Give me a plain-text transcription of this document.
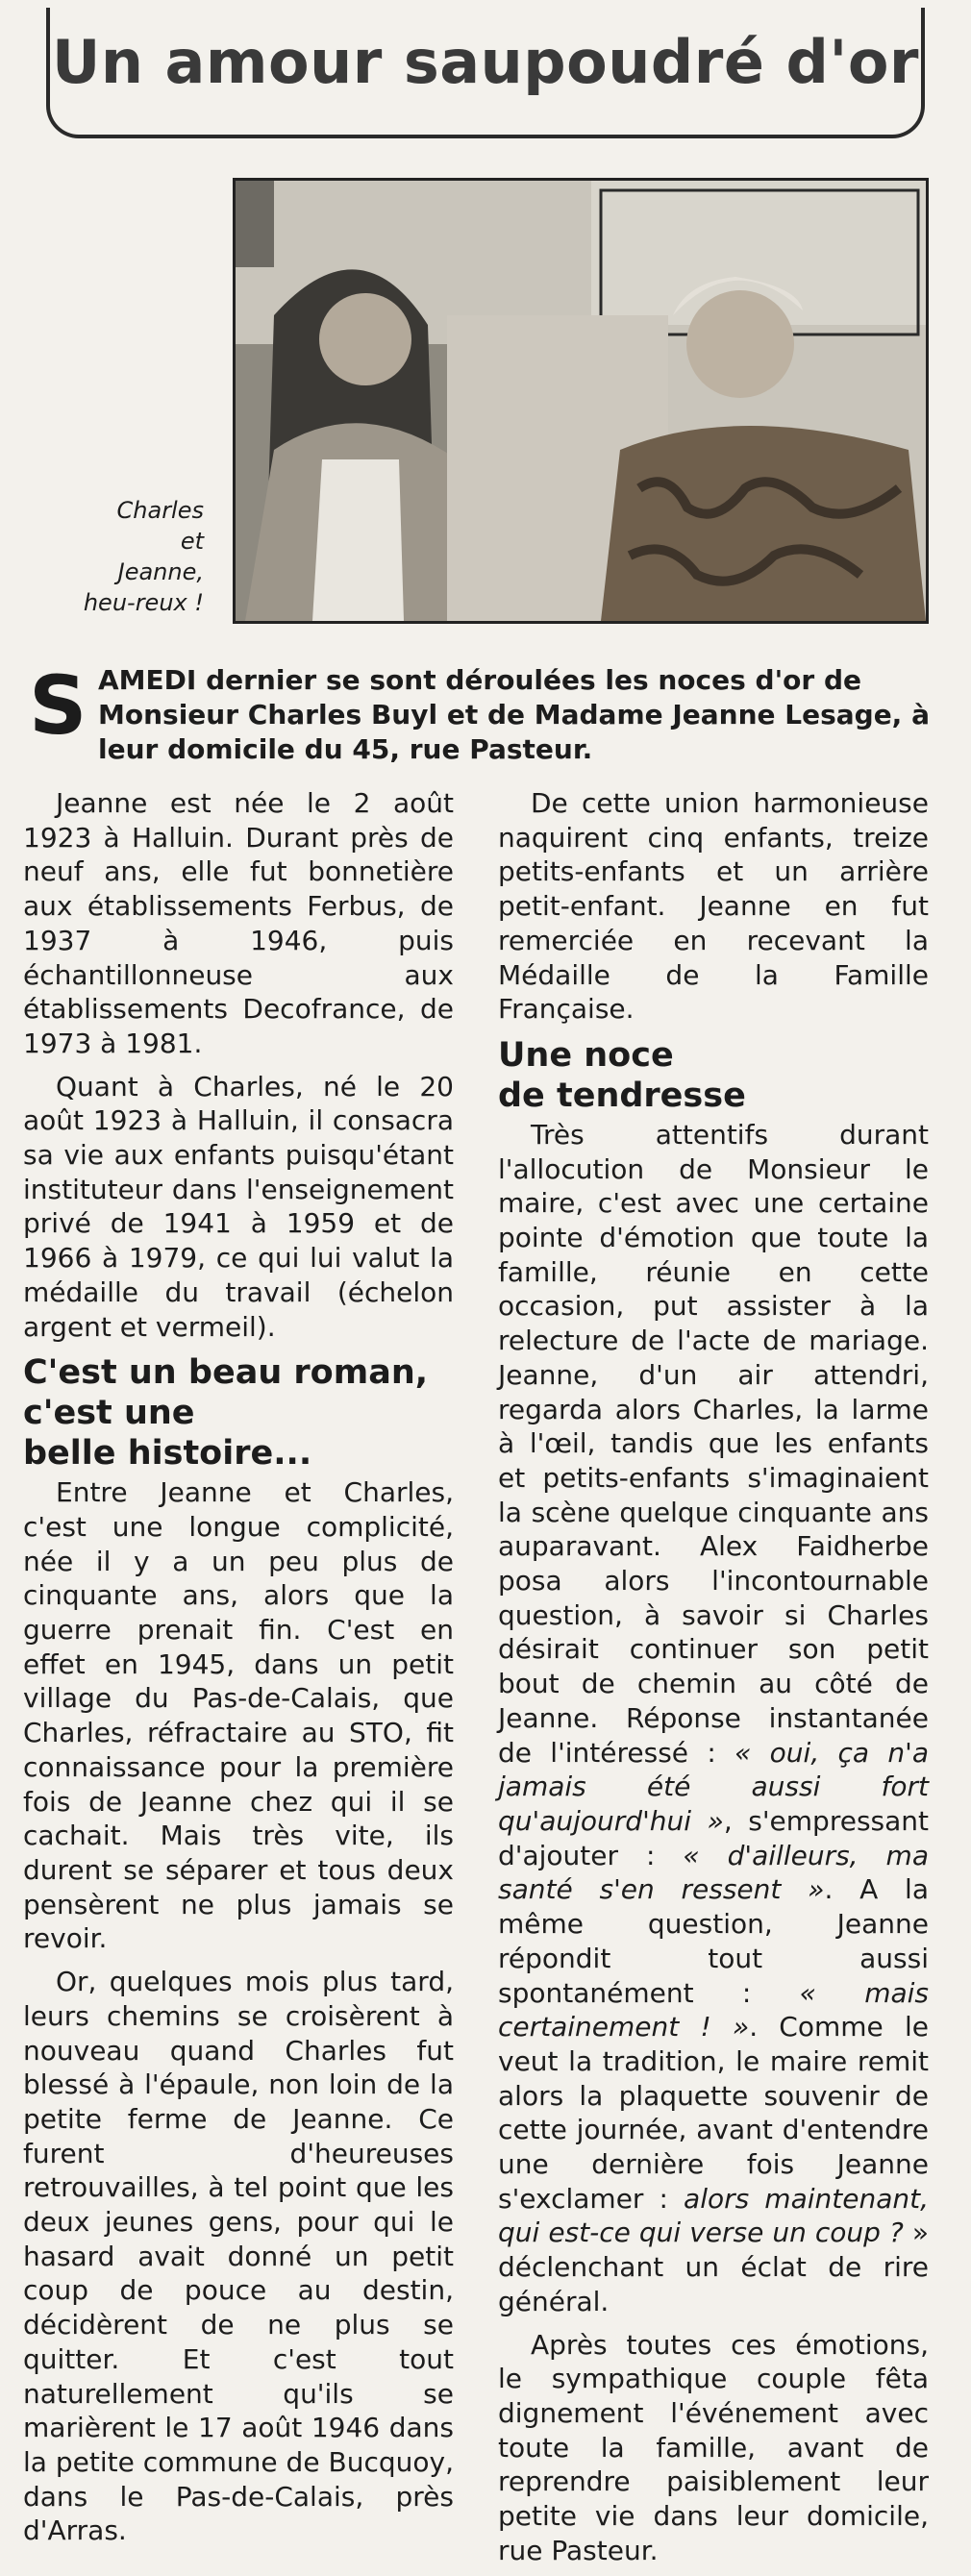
Un amour saupoudré d'or
Charles
et
Jeanne,
heu-reux !
S AMEDI dernier se sont déroulées les noces d'or de Monsieur Charles Buyl et de Madame Jeanne Lesage, à leur domicile du 45, rue Pasteur.

Jeanne est née le 2 août 1923 à Halluin. Durant près de neuf ans, elle fut bonnetière aux établissements Ferbus, de 1937 à 1946, puis échantillonneuse aux établissements Decofrance, de 1973 à 1981.

Quant à Charles, né le 20 août 1923 à Halluin, il consacra sa vie aux enfants puisqu'étant instituteur dans l'enseignement privé de 1941 à 1959 et de 1966 à 1979, ce qui lui valut la médaille du travail (échelon argent et vermeil).

C'est un beau roman,
c'est une
belle histoire...

Entre Jeanne et Charles, c'est une longue complicité, née il y a un peu plus de cinquante ans, alors que la guerre prenait fin. C'est en effet en 1945, dans un petit village du Pas-de-Calais, que Charles, réfractaire au STO, fit connaissance pour la première fois de Jeanne chez qui il se cachait. Mais très vite, ils durent se séparer et tous deux pensèrent ne plus jamais se revoir.

Or, quelques mois plus tard, leurs chemins se croisèrent à nouveau quand Charles fut blessé à l'épaule, non loin de la petite ferme de Jeanne. Ce furent d'heureuses retrouvailles, à tel point que les deux jeunes gens, pour qui le hasard avait donné un petit coup de pouce au destin, décidèrent de ne plus se quitter. Et c'est tout naturellement qu'ils se marièrent le 17 août 1946 dans la petite commune de Bucquoy, dans le Pas-de-Calais, près d'Arras.

De cette union harmonieuse naquirent cinq enfants, treize petits-enfants et un arrière petit-enfant. Jeanne en fut remerciée en recevant la Médaille de la Famille Française.

Une noce
de tendresse

Très attentifs durant l'allocution de Monsieur le maire, c'est avec une certaine pointe d'émotion que toute la famille, réunie en cette occasion, put assister à la relecture de l'acte de mariage. Jeanne, d'un air attendri, regarda alors Charles, la larme à l'œil, tandis que les enfants et petits-enfants s'imaginaient la scène quelque cinquante ans auparavant. Alex Faidherbe posa alors l'incontournable question, à savoir si Charles désirait continuer son petit bout de chemin au côté de Jeanne. Réponse instantanée de l'intéressé : « oui, ça n'a jamais été aussi fort qu'aujourd'hui », s'empressant d'ajouter : « d'ailleurs, ma santé s'en ressent ». A la même question, Jeanne répondit tout aussi spontanément : « mais certainement ! ». Comme le veut la tradition, le maire remit alors la plaquette souvenir de cette journée, avant d'entendre une dernière fois Jeanne s'exclamer : alors maintenant, qui est-ce qui verse un coup ? » déclenchant un éclat de rire général.

Après toutes ces émotions, le sympathique couple fêta dignement l'événement avec toute la famille, avant de reprendre paisiblement leur petite vie dans leur domicile, rue Pasteur.
